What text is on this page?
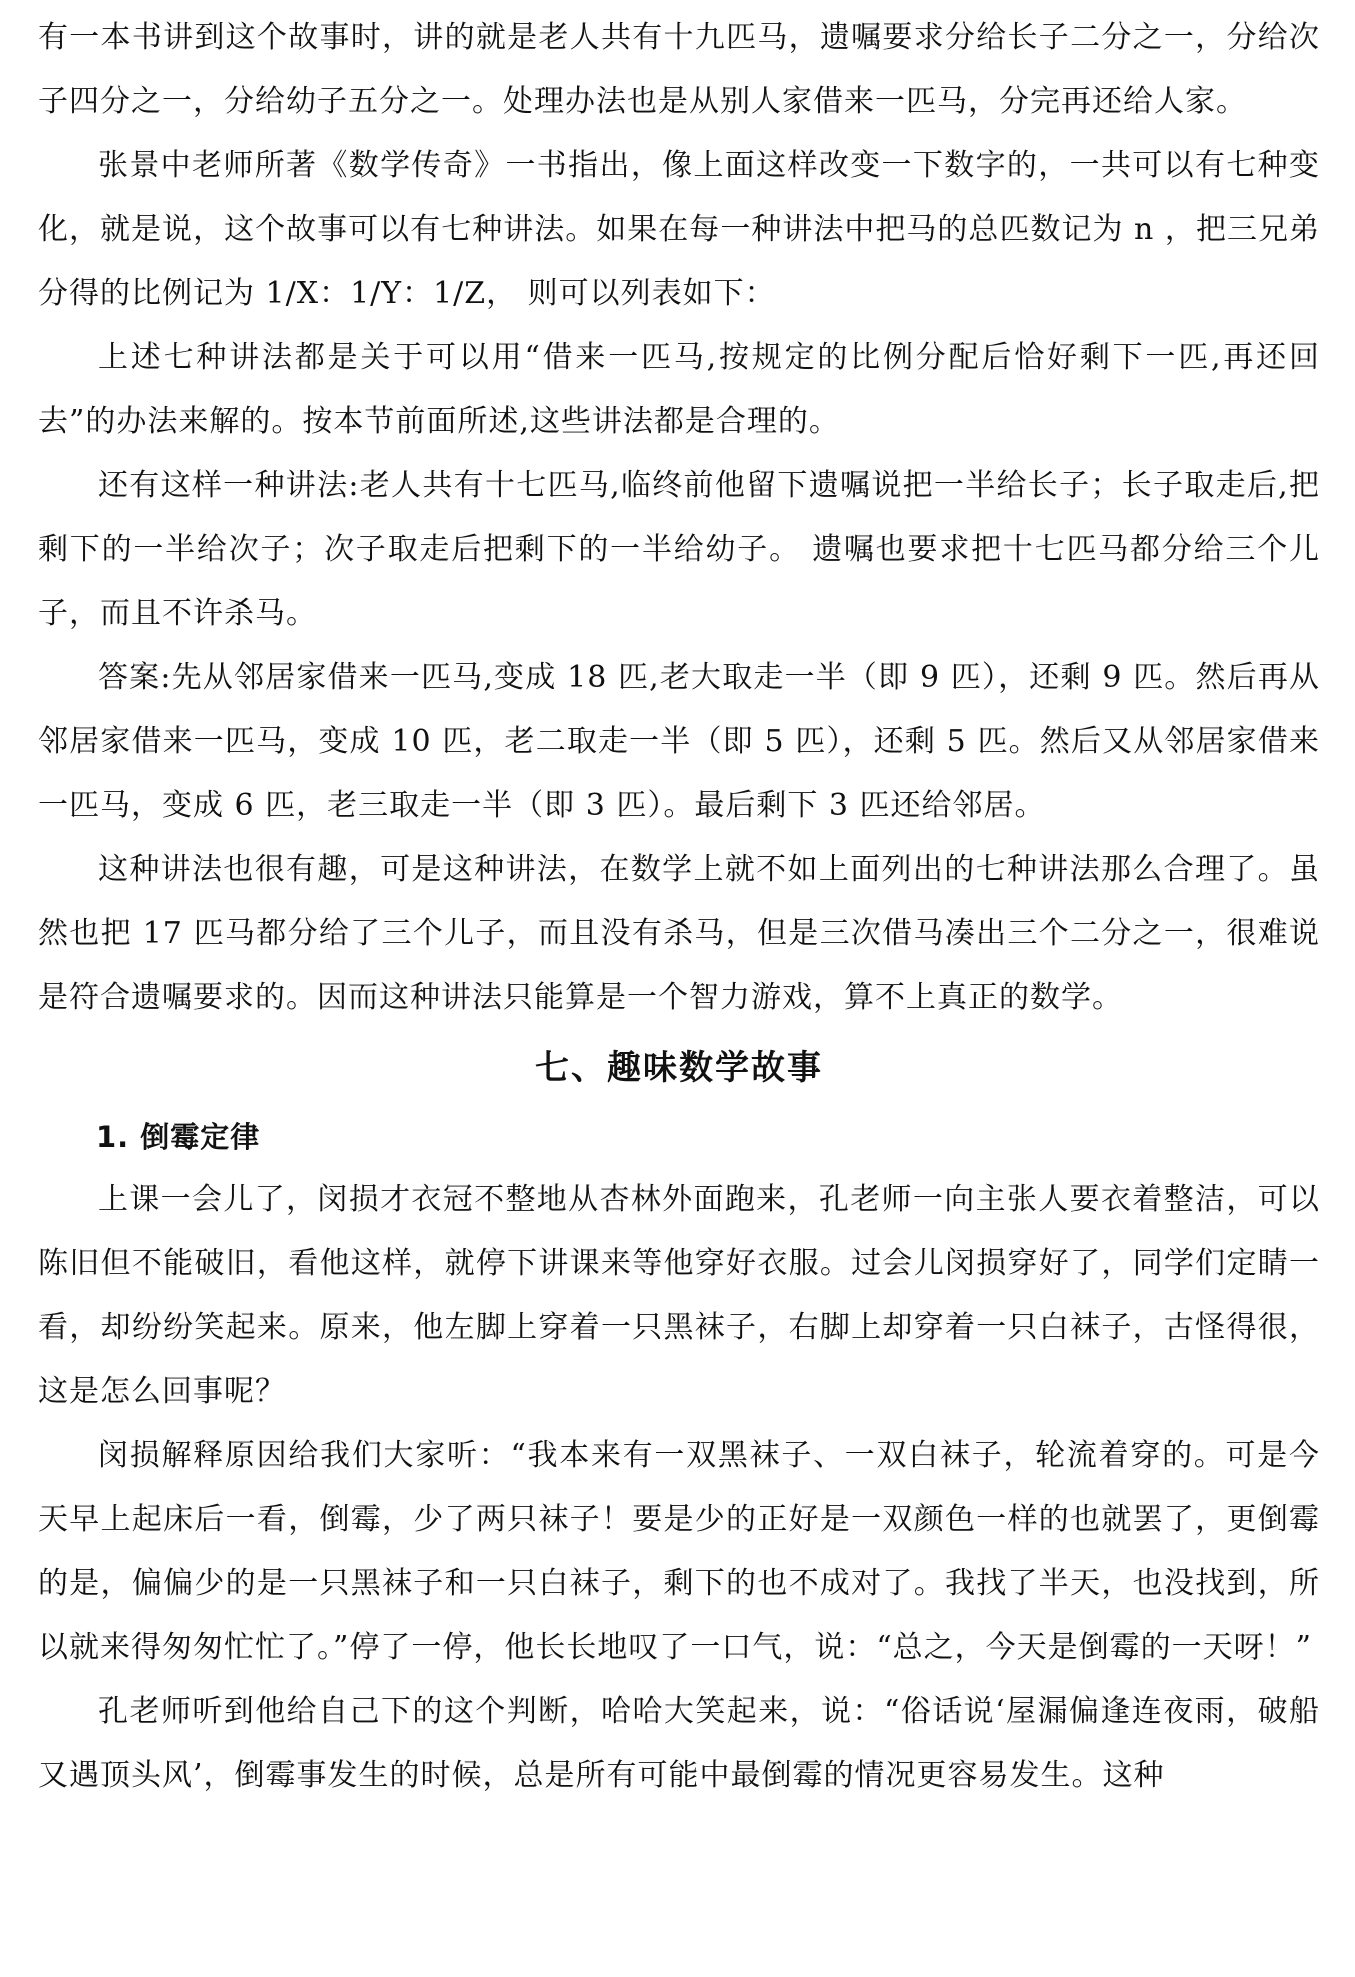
有一本书讲到这个故事时，讲的就是老人共有十九匹马，遗嘱要求分给长子二分之一，分给次子四分之一，分给幼子五分之一。处理办法也是从别人家借来一匹马，分完再还给人家。

张景中老师所著《数学传奇》一书指出，像上面这样改变一下数字的，一共可以有七种变化，就是说，这个故事可以有七种讲法。如果在每一种讲法中把马的总匹数记为 n ，把三兄弟分得的比例记为 1/X：1/Y：1/Z， 则可以列表如下：

上述七种讲法都是关于可以用“借来一匹马,按规定的比例分配后恰好剩下一匹,再还回去”的办法来解的。按本节前面所述,这些讲法都是合理的。

还有这样一种讲法:老人共有十七匹马,临终前他留下遗嘱说把一半给长子；长子取走后,把剩下的一半给次子；次子取走后把剩下的一半给幼子。 遗嘱也要求把十七匹马都分给三个儿子，而且不许杀马。

答案:先从邻居家借来一匹马,变成 18 匹,老大取走一半（即 9 匹），还剩 9 匹。然后再从邻居家借来一匹马，变成 10 匹，老二取走一半（即 5 匹），还剩 5 匹。然后又从邻居家借来一匹马，变成 6 匹，老三取走一半（即 3 匹）。最后剩下 3 匹还给邻居。

这种讲法也很有趣，可是这种讲法，在数学上就不如上面列出的七种讲法那么合理了。虽然也把 17 匹马都分给了三个儿子，而且没有杀马，但是三次借马凑出三个二分之一，很难说是符合遗嘱要求的。因而这种讲法只能算是一个智力游戏，算不上真正的数学。

七、趣味数学故事
1. 倒霉定律

上课一会儿了，闵损才衣冠不整地从杏林外面跑来，孔老师一向主张人要衣着整洁，可以陈旧但不能破旧，看他这样，就停下讲课来等他穿好衣服。过会儿闵损穿好了，同学们定睛一看，却纷纷笑起来。原来，他左脚上穿着一只黑袜子，右脚上却穿着一只白袜子，古怪得很，这是怎么回事呢？

闵损解释原因给我们大家听：“我本来有一双黑袜子、一双白袜子，轮流着穿的。可是今天早上起床后一看，倒霉，少了两只袜子！要是少的正好是一双颜色一样的也就罢了，更倒霉的是，偏偏少的是一只黑袜子和一只白袜子，剩下的也不成对了。我找了半天，也没找到，所以就来得匆匆忙忙了。”停了一停，他长长地叹了一口气，说：“总之，今天是倒霉的一天呀！”

孔老师听到他给自己下的这个判断，哈哈大笑起来，说：“俗话说‘屋漏偏逢连夜雨，破船又遇顶头风’，倒霉事发生的时候，总是所有可能中最倒霉的情况更容易发生。这种
